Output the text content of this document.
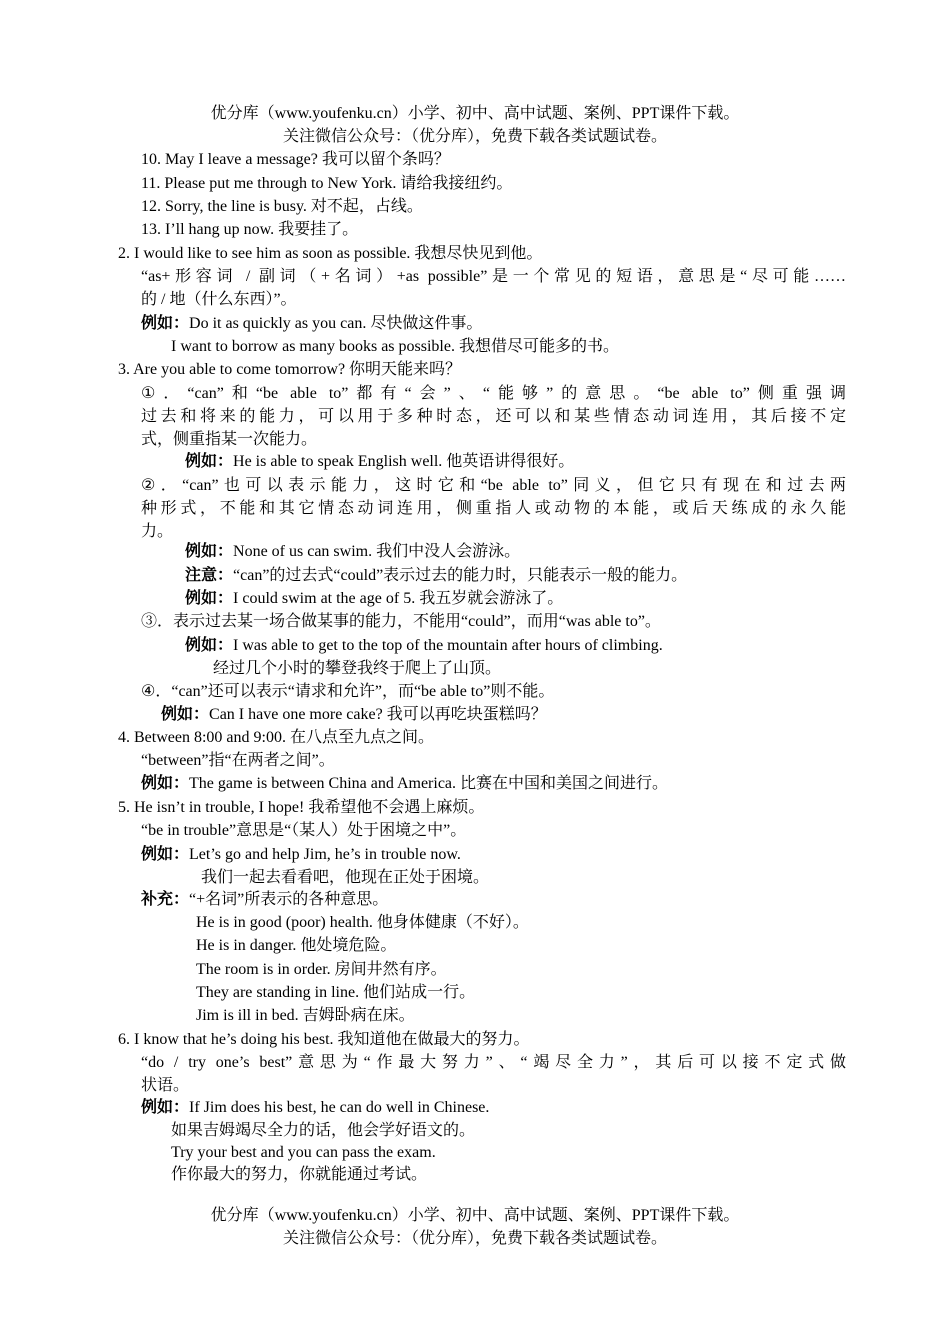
优分库（www.youfenku.cn）小学、初中、高中试题、案例、PPT课件下载。
关注微信公众号：（优分库），免费下载各类试题试卷。
10. May I leave a message? 我可以留个条吗？
11. Please put me through to New York. 请给我接纽约。
12. Sorry, the line is busy. 对不起，占线。
13. I’ll hang up now. 我要挂了。
2. I would like to see him as soon as possible. 我想尽快见到他。
“as+形容词 / 副词（+名词）+as possible”是一个常见的短语，意思是“尽可能……
的 / 地（什么东西）”。
例如：Do it as quickly as you can. 尽快做这件事。
I want to borrow as many books as possible. 我想借尽可能多的书。
3. Are you able to come tomorrow? 你明天能来吗？
①．“can”和“be able to”都有“会”、“能够”的意思。“be able to”侧重强调
过去和将来的能力，可以用于多种时态，还可以和某些情态动词连用，其后接不定
式，侧重指某一次能力。
例如：He is able to speak English well. 他英语讲得很好。
②．“can”也可以表示能力，这时它和“be able to”同义，但它只有现在和过去两
种形式，不能和其它情态动词连用，侧重指人或动物的本能，或后天练成的永久能
力。
例如：None of us can swim. 我们中没人会游泳。
注意：“can”的过去式“could”表示过去的能力时，只能表示一般的能力。
例如：I could swim at the age of 5. 我五岁就会游泳了。
③．表示过去某一场合做某事的能力，不能用“could”，而用“was able to”。
例如：I was able to get to the top of the mountain after hours of climbing.
经过几个小时的攀登我终于爬上了山顶。
④．“can”还可以表示“请求和允许”，而“be able to”则不能。
例如：Can I have one more cake? 我可以再吃块蛋糕吗？
4. Between 8:00 and 9:00. 在八点至九点之间。
“between”指“在两者之间”。
例如：The game is between China and America. 比赛在中国和美国之间进行。
5. He isn’t in trouble, I hope! 我希望他不会遇上麻烦。
“be in trouble”意思是“（某人）处于困境之中”。
例如：Let’s go and help Jim, he’s in trouble now.
我们一起去看看吧，他现在正处于困境。
补充：“+名词”所表示的各种意思。
He is in good (poor) health. 他身体健康（不好）。
He is in danger. 他处境危险。
The room is in order. 房间井然有序。
They are standing in line. 他们站成一行。
Jim is ill in bed. 吉姆卧病在床。
6. I know that he’s doing his best. 我知道他在做最大的努力。
“do / try one’s best”意思为“作最大努力”、“竭尽全力”，其后可以接不定式做
状语。
例如：If Jim does his best, he can do well in Chinese.
如果吉姆竭尽全力的话，他会学好语文的。
Try your best and you can pass the exam.
作你最大的努力，你就能通过考试。
优分库（www.youfenku.cn）小学、初中、高中试题、案例、PPT课件下载。
关注微信公众号：（优分库），免费下载各类试题试卷。
